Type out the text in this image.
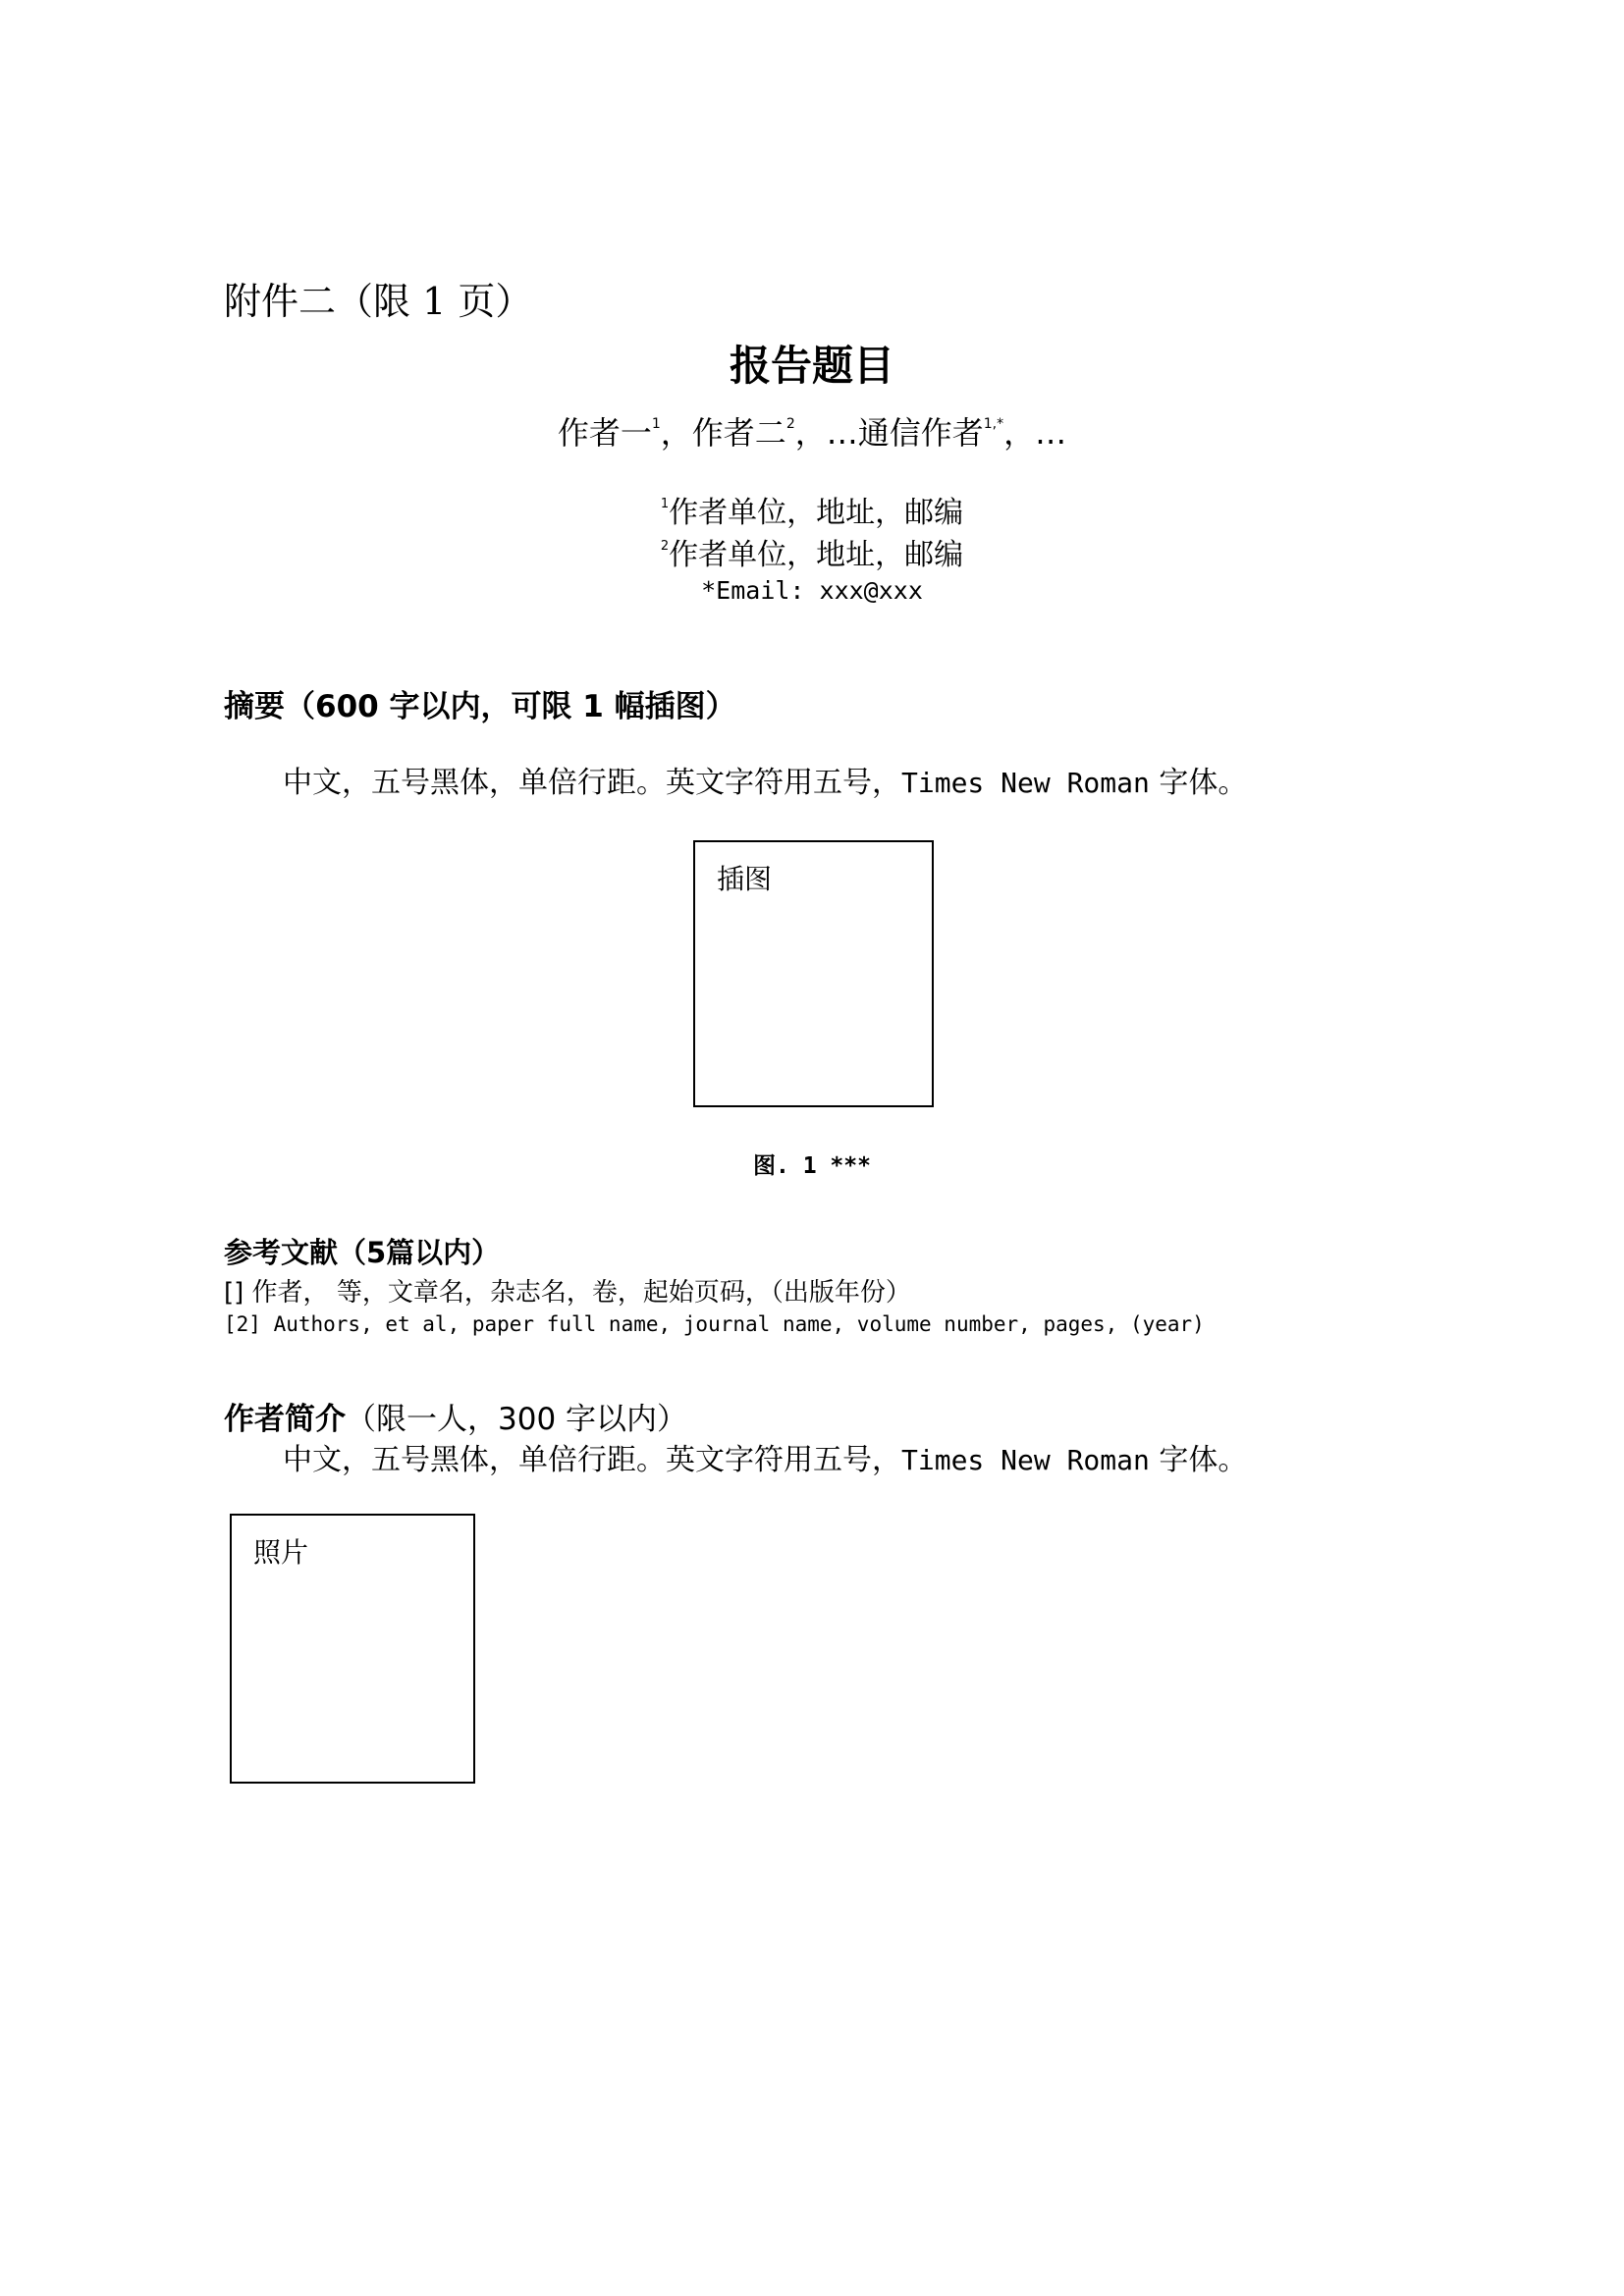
附件二（限 1 页）
报告题目
作者一$^1$，作者二$^2$，…通信作者$^{1,*}$，…
$^1$作者单位，地址，邮编
$^2$作者单位，地址，邮编
*Email: xxx@xxx
摘要（600 字以内，可限 1 幅插图）
中文，五号黑体，单倍行距。英文字符用五号，Times New Roman 字体。
插图
图. 1 ***
参考文献（5篇以内）
[] 作者， 等，文章名，杂志名，卷，起始页码，（出版年份）
[2] Authors, et al, paper full name, journal name, volume number, pages, (year)
作者简介（限一人，300 字以内）
中文，五号黑体，单倍行距。英文字符用五号，Times New Roman 字体。
照片
